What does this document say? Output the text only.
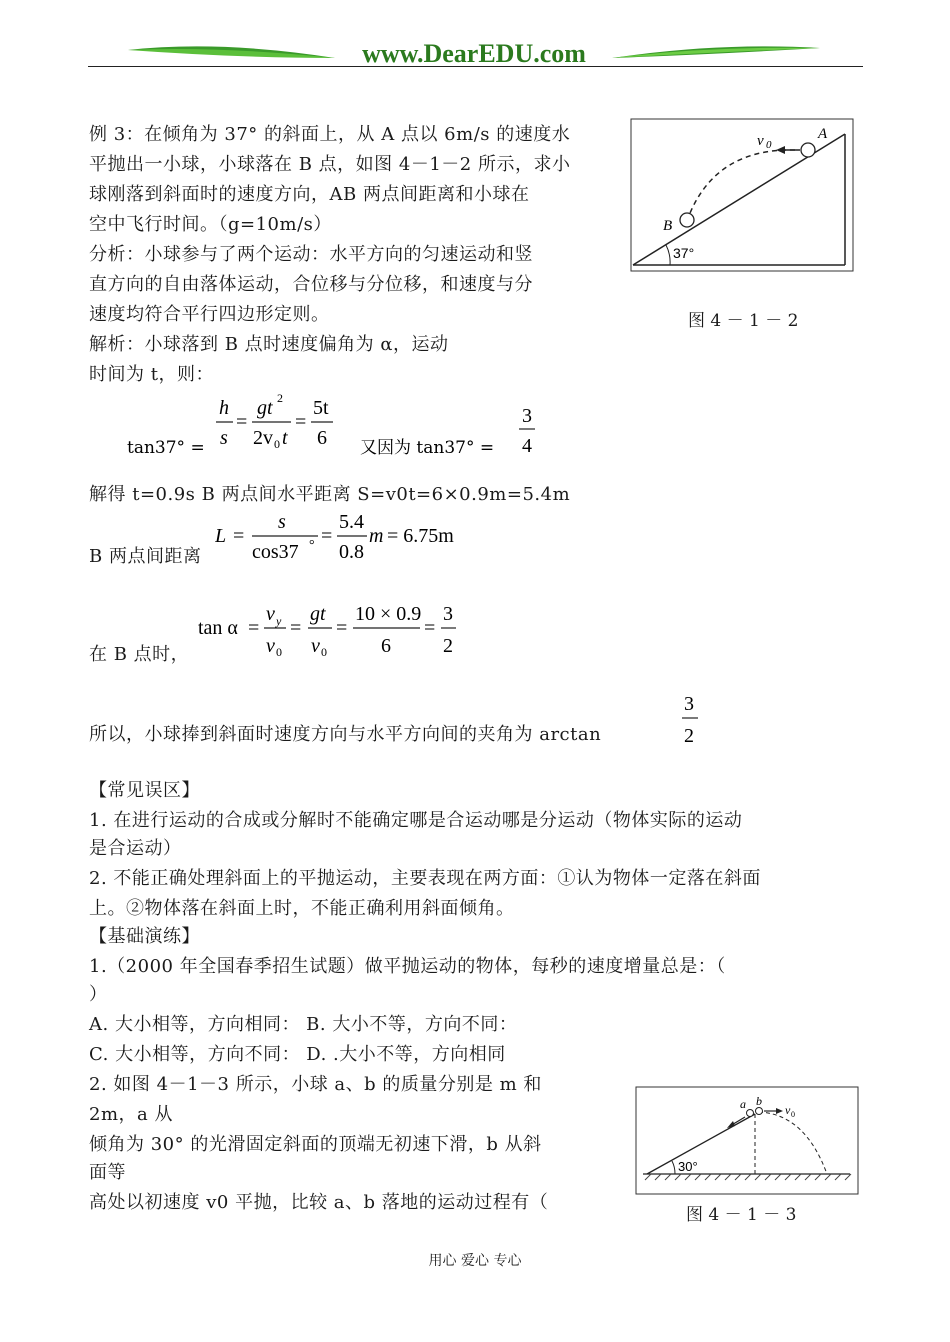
www.DearEDU.com
例 3：在倾角为 37° 的斜面上，从 A 点以 6m/s 的速度水
平抛出一小球，小球落在 B 点，如图 4－1－2 所示，求小
球刚落到斜面时的速度方向，AB 两点间距离和小球在
空中飞行时间。（g=10m/s）
分析：小球参与了两个运动：水平方向的匀速运动和竖
直方向的自由落体运动，合位移与分位移，和速度与分
速度均符合平行四边形定则。
解析：小球落到 B 点时速度偏角为 α，运动
时间为 t，则：
v 0
A
B
37°
图 4 － 1 － 2
tan37° =
h
s
=
gt 2
2v 0 t
=
5t
6 又因为 tan37° =
3
4
解得 t=0.9s B 两点间水平距离 S=v0t=6×0.9m=5.4m
B 两点间距离
L =
s
cos37 ° =
5.4
0.8
m = 6.75m
在 B 点时，
tan α =
v y
v 0
=
gt
v 0
=
10 × 0.9
6
=
3
2
所以，小球捧到斜面时速度方向与水平方向间的夹角为 arctan
3
2
【常见误区】
1. 在进行运动的合成或分解时不能确定哪是合运动哪是分运动（物体实际的运动
是合运动）
2. 不能正确处理斜面上的平抛运动，主要表现在两方面：①认为物体一定落在斜面
上。②物体落在斜面上时，不能正确利用斜面倾角。
【基础演练】
1.（2000 年全国春季招生试题）做平抛运动的物体，每秒的速度增量总是：（
）
A. 大小相等，方向相同： B. 大小不等，方向不同：
C. 大小相等，方向不同： D. .大小不等，方向相同
2. 如图 4－1－3 所示，小球 a、b 的质量分别是 m 和
2m，a 从
倾角为 30° 的光滑固定斜面的顶端无初速下滑，b 从斜
面等
高处以初速度 v0 平抛，比较 a、b 落地的运动过程有（
a b
v 0
30°
图 4 － 1 － 3
用心 爱心 专心
